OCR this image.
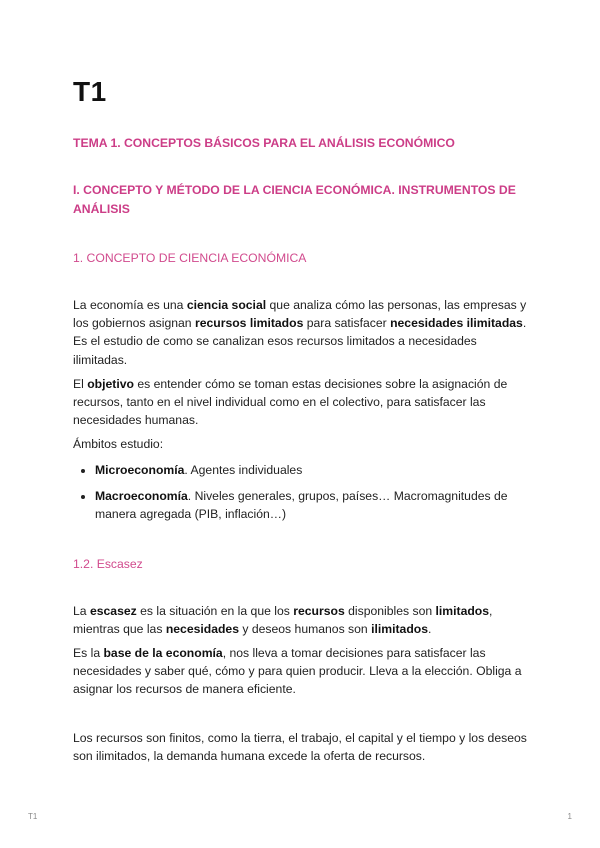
T1

TEMA 1. CONCEPTOS BÁSICOS PARA EL ANÁLISIS ECONÓMICO

I. CONCEPTO Y MÉTODO DE LA CIENCIA ECONÓMICA. INSTRUMENTOS DE ANÁLISIS

1. CONCEPTO DE CIENCIA ECONÓMICA

La economía es una ciencia social que analiza cómo las personas, las empresas y los gobiernos asignan recursos limitados para satisfacer necesidades ilimitadas. Es el estudio de como se canalizan esos recursos limitados a necesidades ilimitadas.

El objetivo es entender cómo se toman estas decisiones sobre la asignación de recursos, tanto en el nivel individual como en el colectivo, para satisfacer las necesidades humanas.

Ámbitos estudio:

• Microeconomía. Agentes individuales
• Macroeconomía. Niveles generales, grupos, países… Macromagnitudes de manera agregada (PIB, inflación…)

1.2. Escasez

La escasez es la situación en la que los recursos disponibles son limitados, mientras que las necesidades y deseos humanos son ilimitados.

Es la base de la economía, nos lleva a tomar decisiones para satisfacer las necesidades y saber qué, cómo y para quien producir. Lleva a la elección. Obliga a asignar los recursos de manera eficiente.

Los recursos son finitos, como la tierra, el trabajo, el capital y el tiempo y los deseos son ilimitados, la demanda humana excede la oferta de recursos.

T1	1
